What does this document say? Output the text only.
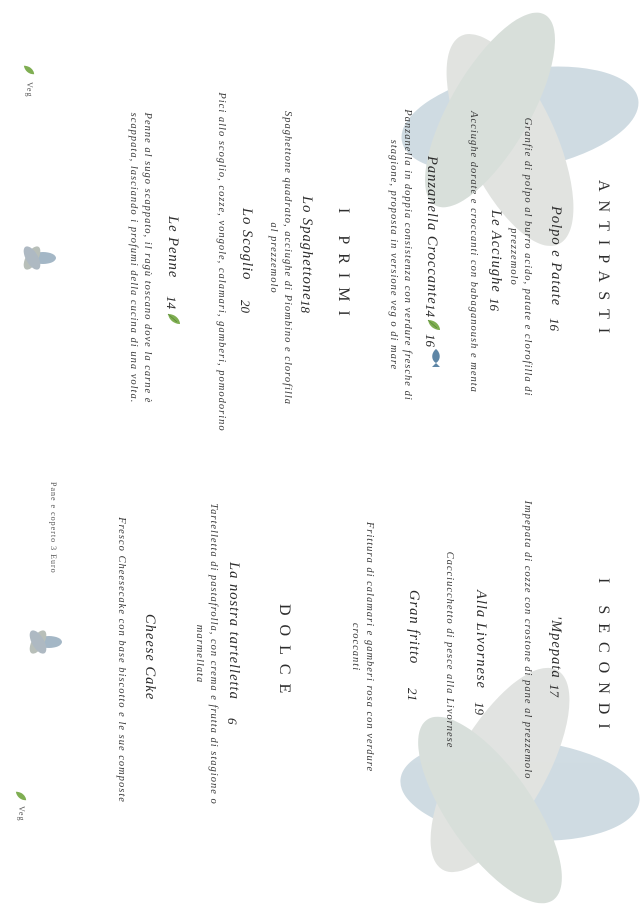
ANTIPASTI
Polpo e Patate
16
Granfie di polpo al burro acido, patate e clorofilla di prezzemolo
Le Acciughe
16
Acciughe dorate e croccanti con babaganoush e menta
Panzanella Croccante
14
16
Panzanella in doppia consistenza con verdure fresche di stagione, proposta in versione veg o di mare
I PRIMI
Lo Spaghettone
18
Spaghettone quadrato, acciughe di Piombino e clorofilla al prezzemolo
Lo Scoglio
20
Pici allo scoglio, cozze, vongole, calamari, gamberi, pomodorino
Le Penne
14
Penne al sugo scappato, il ragù toscano dove la carne è scappata, lasciando i profumi della cucina di una volta.
Veg
I SECONDI
'Mpepata
17
Impepata di cozze con crostone di pane al prezzemolo
Alla Livornese
19
Cacciucchetto di pesce alla Livornese
Gran fritto
21
Frittura di calamari e gamberi rosa con verdure croccanti
DOLCE
La nostra tartelletta
6
Tartelletta di pastafrolla, con crema e frutta di stagione o marmellata
Cheese Cake
Fresco Cheesecake con base biscotto e le sue composte
Pane e coperto 3 Euro
Veg
